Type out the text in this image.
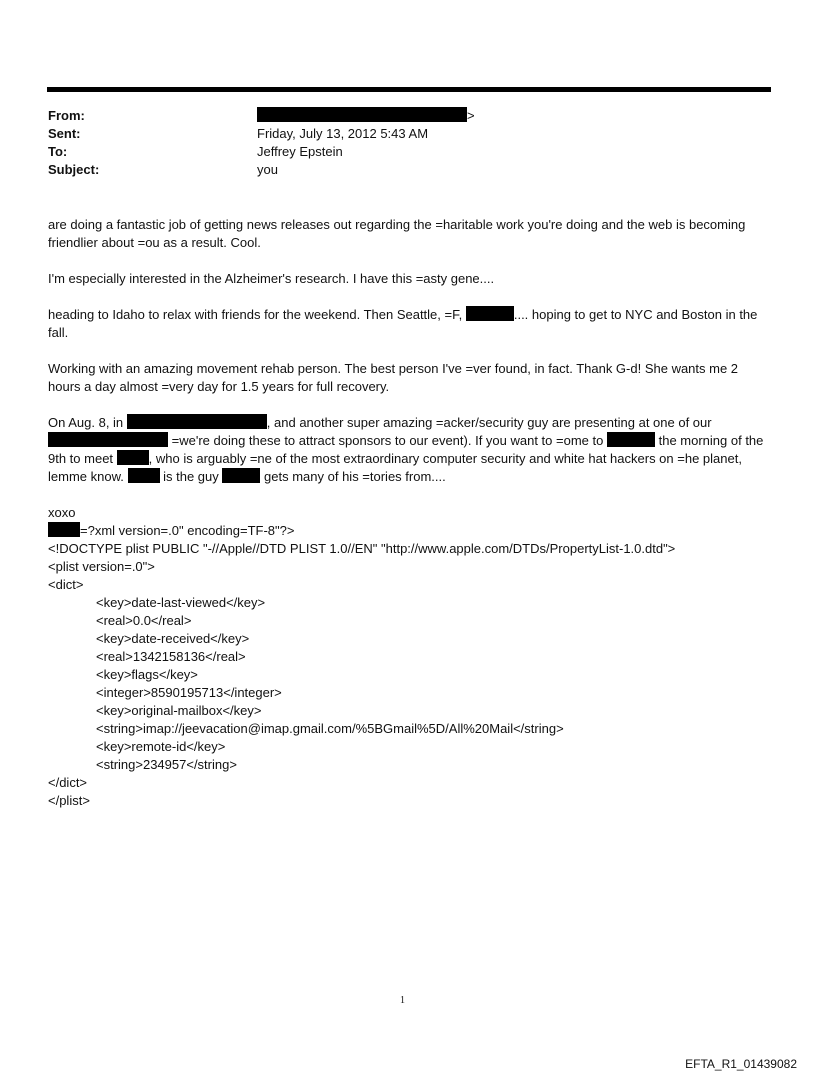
From:	>
Sent:	Friday, July 13, 2012 5:43 AM
To:	Jeffrey Epstein
Subject:	you

are doing a fantastic job of getting news releases out regarding the =haritable work you're doing and the web is becoming friendlier about =ou as a result. Cool.

I'm especially interested in the Alzheimer's research. I have this =asty gene....

heading to Idaho to relax with friends for the weekend. Then Seattle, =F,	.... hoping to get to NYC and Boston in the fall.

Working with an amazing movement rehab person. The best person I've =ver found, in fact. Thank G-d! She wants me 2 hours a day almost =very day for 1.5 years for full recovery.

On Aug. 8, in	, and another super amazing =acker/security guy are presenting at one of our  =we're doing these to attract sponsors to our event). If you want to =ome to	the morning of the 9th to meet	, who is arguably =ne of the most extraordinary computer security and white hat hackers on =he planet, lemme know.	is the guy	gets many of his =tories from....

xoxo
=?xml version=.0" encoding=TF-8"?>
<!DOCTYPE plist PUBLIC "-//Apple//DTD PLIST 1.0//EN" "http://www.apple.com/DTDs/PropertyList-1.0.dtd">
<plist version=.0">
<dict>
<key>date-last-viewed</key>
<real>0.0</real>
<key>date-received</key>
<real>1342158136</real>
<key>flags</key>
<integer>8590195713</integer>
<key>original-mailbox</key>
<string>imap://jeevacation@imap.gmail.com/%5BGmail%5D/All%20Mail</string>
<key>remote-id</key>
<string>234957</string>
</dict>
</plist>
1
EFTA_R1_01439082
